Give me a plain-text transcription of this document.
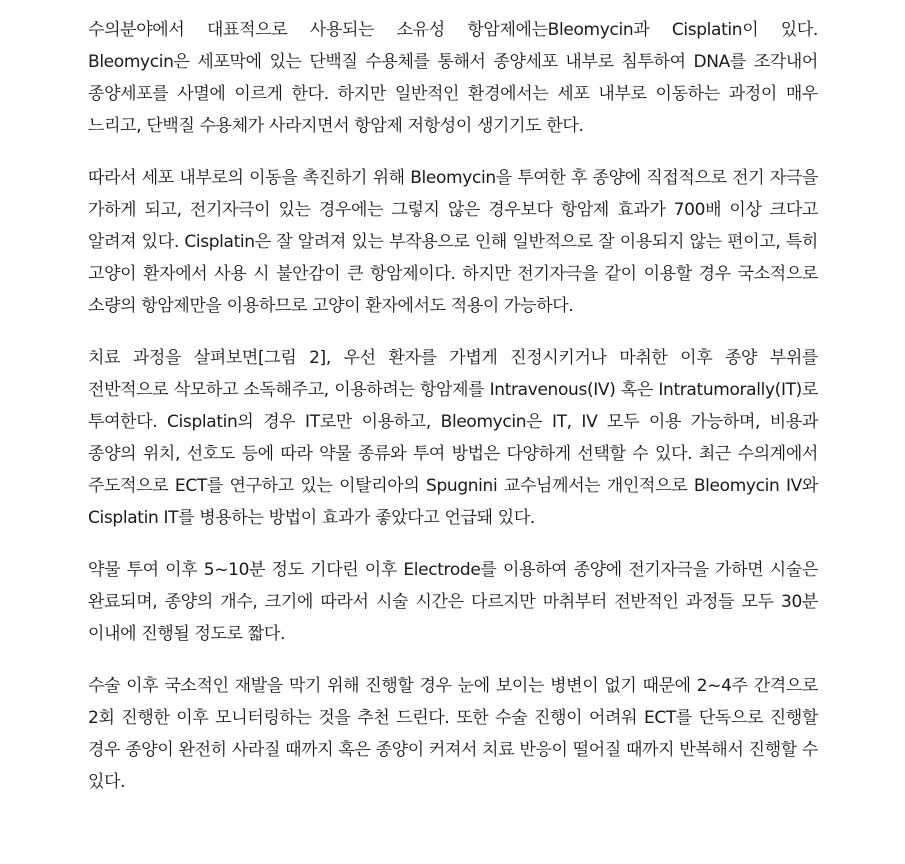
수의분야에서 대표적으로 사용되는 소유성 항암제에는Bleomycin과 Cisplatin이 있다. Bleomycin은 세포막에 있는 단백질 수용체를 통해서 종양세포 내부로 침투하여 DNA를 조각내어 종양세포를 사멸에 이르게 한다. 하지만 일반적인 환경에서는 세포 내부로 이동하는 과정이 매우 느리고, 단백질 수용체가 사라지면서 항암제 저항성이 생기기도 한다.

따라서 세포 내부로의 이동을 촉진하기 위해 Bleomycin을 투여한 후 종양에 직접적으로 전기 자극을 가하게 되고, 전기자극이 있는 경우에는 그렇지 않은 경우보다 항암제 효과가 700배 이상 크다고 알려져 있다. Cisplatin은 잘 알려져 있는 부작용으로 인해 일반적으로 잘 이용되지 않는 편이고, 특히 고양이 환자에서 사용 시 불안감이 큰 항암제이다. 하지만 전기자극을 같이 이용할 경우 국소적으로 소량의 항암제만을 이용하므로 고양이 환자에서도 적용이 가능하다.

치료 과정을 살펴보면[그림 2], 우선 환자를 가볍게 진정시키거나 마취한 이후 종양 부위를 전반적으로 삭모하고 소독해주고, 이용하려는 항암제를 Intravenous(IV) 혹은 Intratumorally(IT)로 투여한다. Cisplatin의 경우 IT로만 이용하고, Bleomycin은 IT, IV 모두 이용 가능하며, 비용과 종양의 위치, 선호도 등에 따라 약물 종류와 투여 방법은 다양하게 선택할 수 있다. 최근 수의계에서 주도적으로 ECT를 연구하고 있는 이탈리아의 Spugnini 교수님께서는 개인적으로 Bleomycin IV와 Cisplatin IT를 병용하는 방법이 효과가 좋았다고 언급돼 있다.

약물 투여 이후 5~10분 정도 기다린 이후 Electrode를 이용하여 종양에 전기자극을 가하면 시술은 완료되며, 종양의 개수, 크기에 따라서 시술 시간은 다르지만 마취부터 전반적인 과정들 모두 30분 이내에 진행될 정도로 짧다.

수술 이후 국소적인 재발을 막기 위해 진행할 경우 눈에 보이는 병변이 없기 때문에 2~4주 간격으로 2회 진행한 이후 모니터링하는 것을 추천 드린다. 또한 수술 진행이 어려워 ECT를 단독으로 진행할 경우 종양이 완전히 사라질 때까지 혹은 종양이 커져서 치료 반응이 떨어질 때까지 반복해서 진행할 수 있다.
